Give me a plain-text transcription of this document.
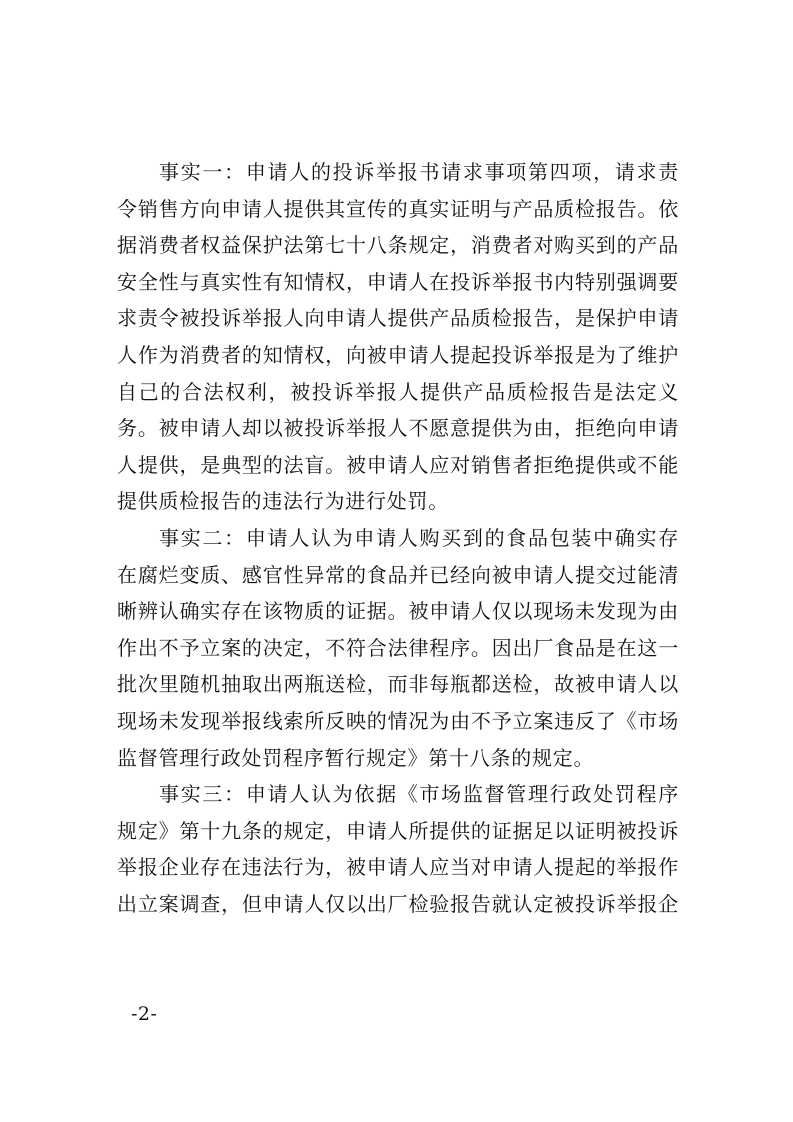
事实一：申请人的投诉举报书请求事项第四项，请求责

令销售方向申请人提供其宣传的真实证明与产品质检报告。依

据消费者权益保护法第七十八条规定，消费者对购买到的产品

安全性与真实性有知情权，申请人在投诉举报书内特别强调要

求责令被投诉举报人向申请人提供产品质检报告，是保护申请

人作为消费者的知情权，向被申请人提起投诉举报是为了维护

自己的合法权利，被投诉举报人提供产品质检报告是法定义

务。被申请人却以被投诉举报人不愿意提供为由，拒绝向申请

人提供，是典型的法盲。被申请人应对销售者拒绝提供或不能

提供质检报告的违法行为进行处罚。

事实二：申请人认为申请人购买到的食品包装中确实存

在腐烂变质、感官性异常的食品并已经向被申请人提交过能清

晰辨认确实存在该物质的证据。被申请人仅以现场未发现为由

作出不予立案的决定，不符合法律程序。因出厂食品是在这一

批次里随机抽取出两瓶送检，而非每瓶都送检，故被申请人以

现场未发现举报线索所反映的情况为由不予立案违反了《市场

监督管理行政处罚程序暂行规定》第十八条的规定。

事实三：申请人认为依据《市场监督管理行政处罚程序

规定》第十九条的规定，申请人所提供的证据足以证明被投诉

举报企业存在违法行为，被申请人应当对申请人提起的举报作

出立案调查，但申请人仅以出厂检验报告就认定被投诉举报企

-2-
